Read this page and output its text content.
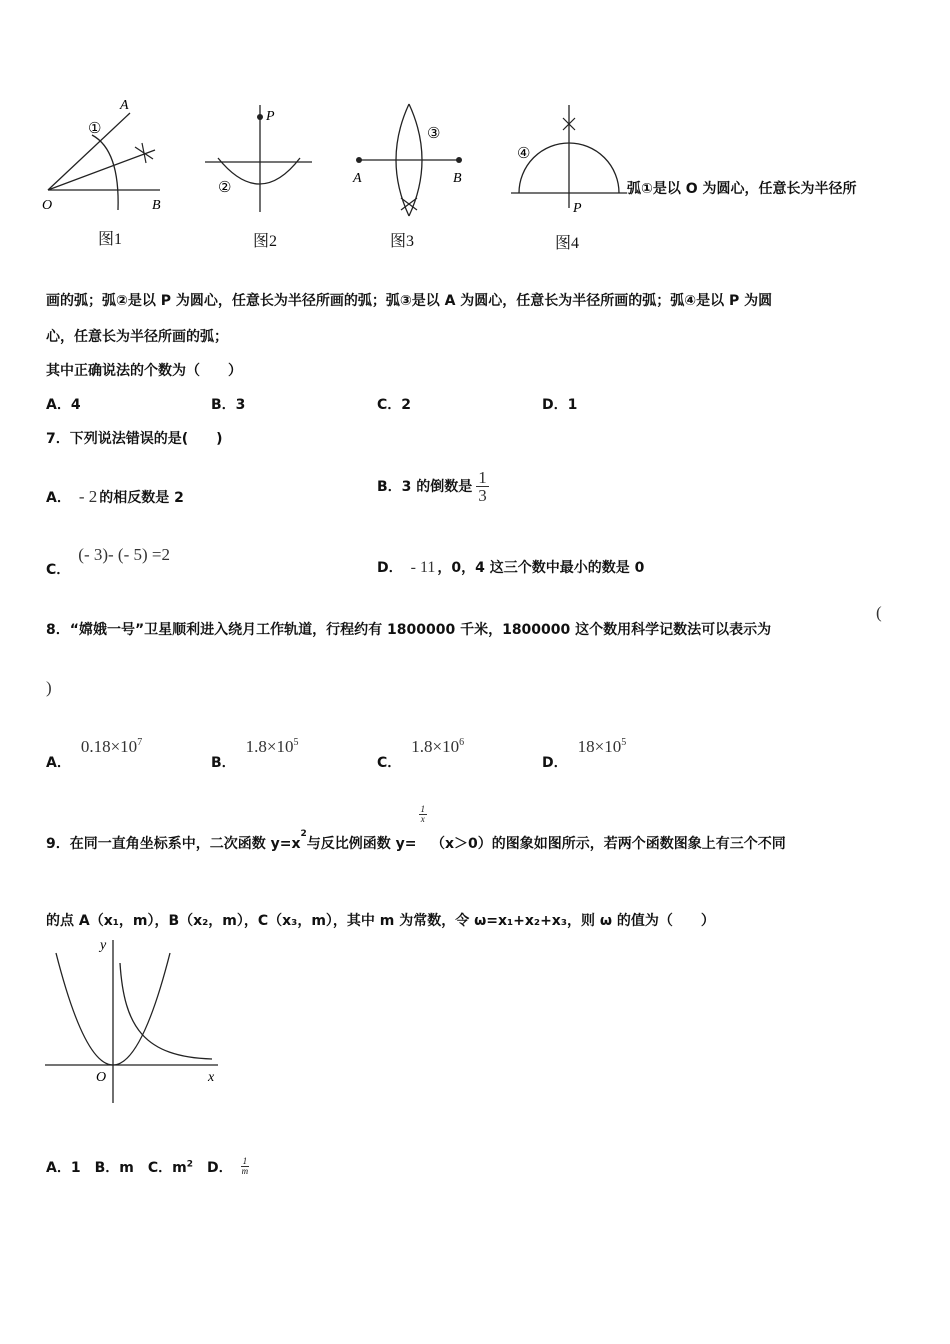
A
①
O	B
图1
P
②
图2
③
A	B
图3
④
P
图4
弧①是以 O 为圆心，任意长为半径所
画的弧；弧②是以 P 为圆心，任意长为半径所画的弧；弧③是以 A 为圆心，任意长为半径所画的弧；弧④是以 P 为圆
心，任意长为半径所画的弧；
其中正确说法的个数为（　　）
A．4	B．3	C．2	D．1
7．下列说法错误的是(　　)
A． - 2 的相反数是 2
B．3 的倒数是 $\frac{1}{3}$
C．
(- 3)- (- 5) =2
D． - 11 ，0，4 这三个数中最小的数是 0
8．“嫦娥一号”卫星顺利进入绕月工作轨道，行程约有 1800000 千米，1800000 这个数用科学记数法可以表示为
(
)
A．$0.18\times 10^7$
B．$1.8\times 10^5$
C．$1.8\times 10^6$
D．$18\times 10^5$
9．在同一直角坐标系中，二次函数 y=x
$^2$
与反比例函数 y=
$\frac{1}{x}$
（x＞0）的图象如图所示，若两个函数图象上有三个不同
的点 A（x₁，m），B（x₂，m），C（x₃，m），其中 m 为常数，令 ω=x₁+x₂+x₃，则 ω 的值为（　　）
y
O	x
A．1 B．m C．$m^2$ D． $\frac{1}{m}$
